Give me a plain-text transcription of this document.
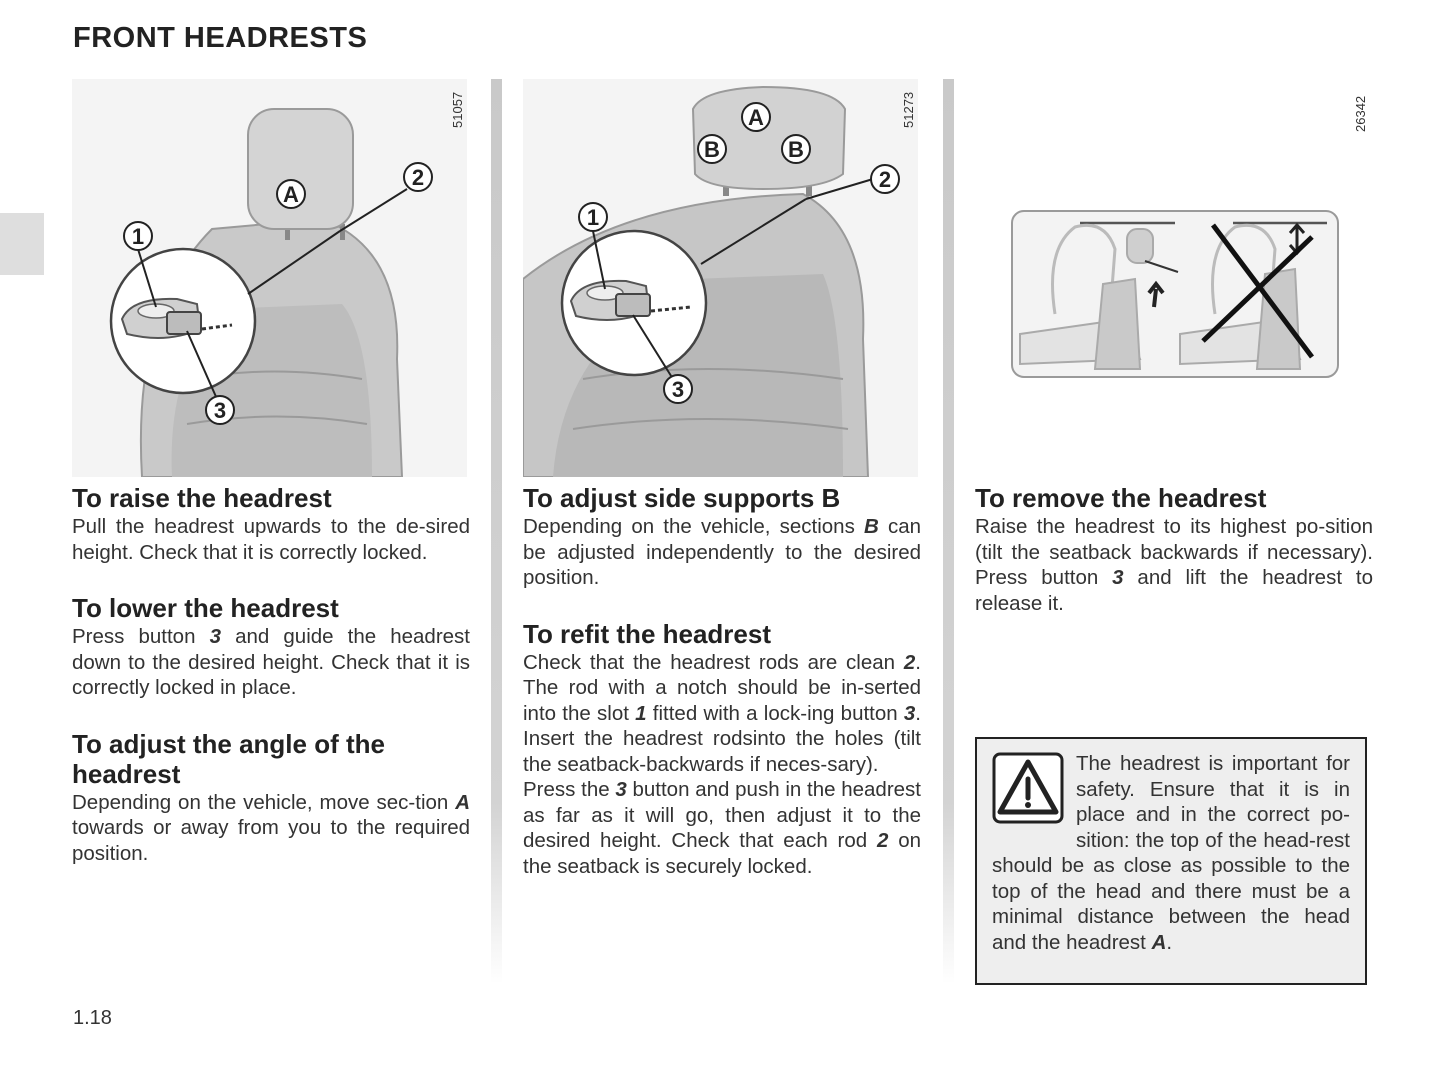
FRONT HEADRESTS
A
1
2
3
51057	A
B	B
1
2
3
51273	26342
To raise the headrest

Pull the headrest upwards to the de-sired height. Check that it is correctly locked.

To lower the headrest

Press button 3 and guide the headrest down to the desired height. Check that it is correctly locked in place.

To adjust the angle of the headrest

Depending on the vehicle, move sec-tion A towards or away from you to the required position.

To adjust side supports B

Depending on the vehicle, sections B can be adjusted independently to the desired position.

To refit the headrest

Check that the headrest rods are clean 2. The rod with a notch should be in-serted into the slot 1 fitted with a lock-ing button 3. Insert the headrest rodsinto the holes (tilt the seatback-backwards if neces-sary).

Press the 3 button and push in the headrest as far as it will go, then adjust it to the desired height. Check that each rod 2 on the seatback is securely locked.

To remove the headrest

Raise the headrest to its highest po-sition (tilt the seatback backwards if necessary). Press button 3 and lift the headrest to release it.

The headrest is important for safety. Ensure that it is in place and in the correct po-sition: the top of the head-rest should be as close as possible to the top of the head and there must be a minimal distance between the head and the headrest A.

1.18
